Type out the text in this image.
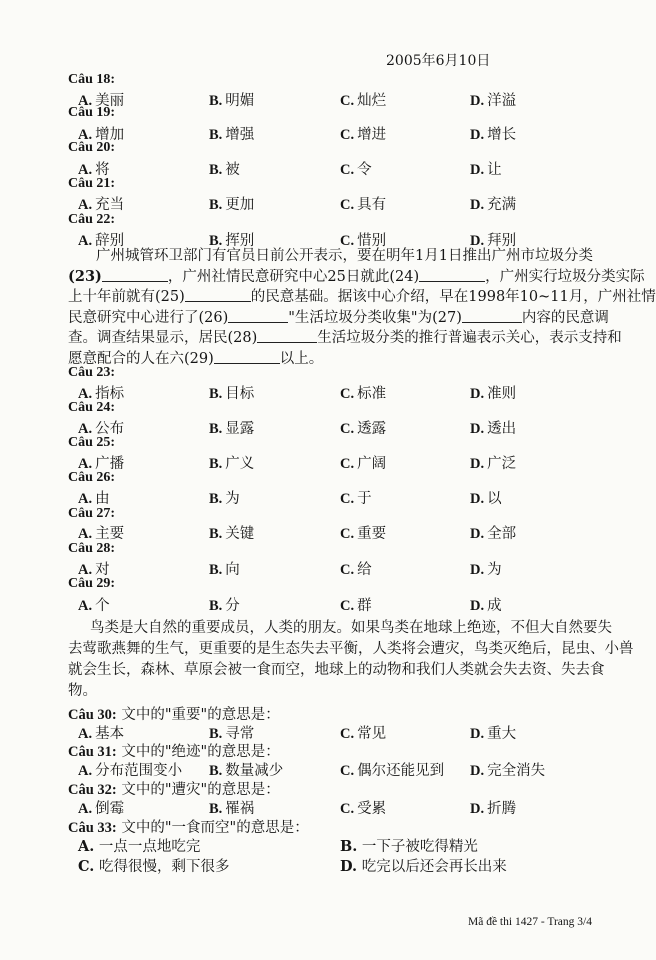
2005年6月10日
Câu 18:
A. 美丽	B. 明媚	C. 灿烂	D. 洋溢
Câu 19:
A. 增加	B. 增强	C. 增进	D. 增长
Câu 20:
A. 将	B. 被	C. 令	D. 让
Câu 21:
A. 充当	B. 更加	C. 具有	D. 充满
Câu 22:
A. 辞别	B. 挥别	C. 惜别	D. 拜别
广州城管环卫部门有官员日前公开表示，要在明年1月1日推出广州市垃圾分类
(23)	，广州社情民意研究中心25日就此(24)	，广州实行垃圾分类实际
上十年前就有(25)	的民意基础。据该中心介绍，早在1998年10~11月，广州社情
民意研究中心进行了(26)	"生活垃圾分类收集"为(27)	内容的民意调
查。调查结果显示，居民(28)	生活垃圾分类的推行普遍表示关心，表示支持和
愿意配合的人在六(29)	以上。
Câu 23:
A. 指标	B. 目标	C. 标准	D. 准则
Câu 24:
A. 公布	B. 显露	C. 透露	D. 透出
Câu 25:
A. 广播	B. 广义	C. 广阔	D. 广泛
Câu 26:
A. 由	B. 为	C. 于	D. 以
Câu 27:
A. 主要	B. 关键	C. 重要	D. 全部
Câu 28:
A. 对	B. 向	C. 给	D. 为
Câu 29:
A. 个	B. 分	C. 群	D. 成
鸟类是大自然的重要成员，人类的朋友。如果鸟类在地球上绝迹，不但大自然要失
去莺歌燕舞的生气，更重要的是生态失去平衡，人类将会遭灾，鸟类灭绝后，昆虫、小兽
就会生长，森林、草原会被一食而空，地球上的动物和我们人类就会失去资、失去食
物。
Câu 30: 文中的"重要"的意思是：
A. 基本	B. 寻常	C. 常见	D. 重大
Câu 31: 文中的"绝迹"的意思是：
A. 分布范围变小 B. 数量减少	C. 偶尔还能见到 D. 完全消失
Câu 32: 文中的"遭灾"的意思是：
A. 倒霉	B. 罹祸	C. 受累	D. 折腾
Câu 33: 文中的"一食而空"的意思是：
A. 一点一点地吃完	B. 一下子被吃得精光
C. 吃得很慢，剩下很多	D. 吃完以后还会再长出来
Mã đề thi 1427 - Trang 3/4
